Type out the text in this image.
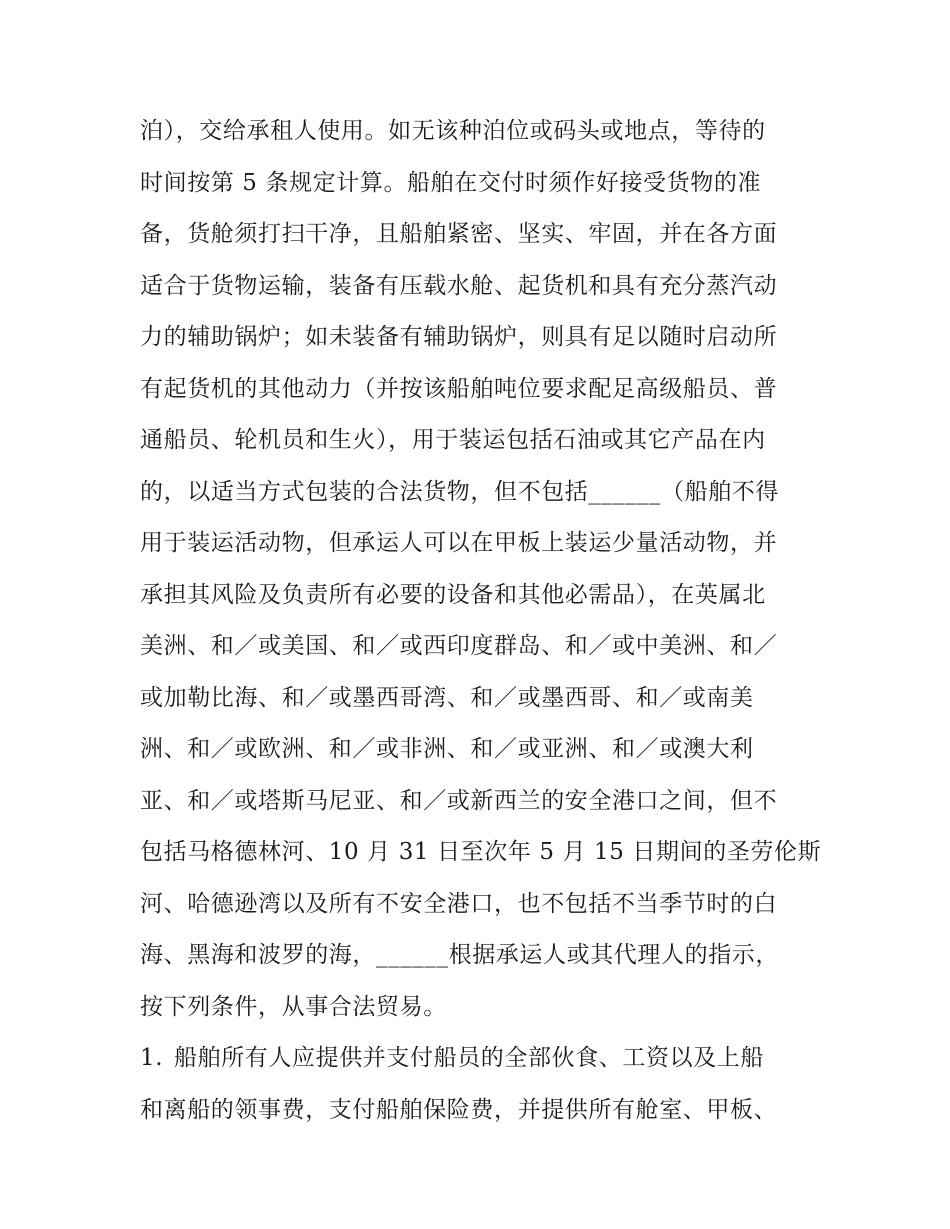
泊），交给承租人使用。如无该种泊位或码头或地点，等待的
时间按第 5 条规定计算。船舶在交付时须作好接受货物的准
备，货舱须打扫干净，且船舶紧密、坚实、牢固，并在各方面
适合于货物运输，装备有压载水舱、起货机和具有充分蒸汽动
力的辅助锅炉；如未装备有辅助锅炉，则具有足以随时启动所
有起货机的其他动力（并按该船舶吨位要求配足高级船员、普
通船员、轮机员和生火），用于装运包括石油或其它产品在内
的，以适当方式包装的合法货物，但不包括______（船舶不得
用于装运活动物，但承运人可以在甲板上装运少量活动物，并
承担其风险及负责所有必要的设备和其他必需品），在英属北
美洲、和／或美国、和／或西印度群岛、和／或中美洲、和／
或加勒比海、和／或墨西哥湾、和／或墨西哥、和／或南美
洲、和／或欧洲、和／或非洲、和／或亚洲、和／或澳大利
亚、和／或塔斯马尼亚、和／或新西兰的安全港口之间，但不
包括马格德林河、10 月 31 日至次年 5 月 15 日期间的圣劳伦斯
河、哈德逊湾以及所有不安全港口，也不包括不当季节时的白
海、黑海和波罗的海，______根据承运人或其代理人的指示，
按下列条件，从事合法贸易。
1. 船舶所有人应提供并支付船员的全部伙食、工资以及上船
和离船的领事费，支付船舶保险费，并提供所有舱室、甲板、
